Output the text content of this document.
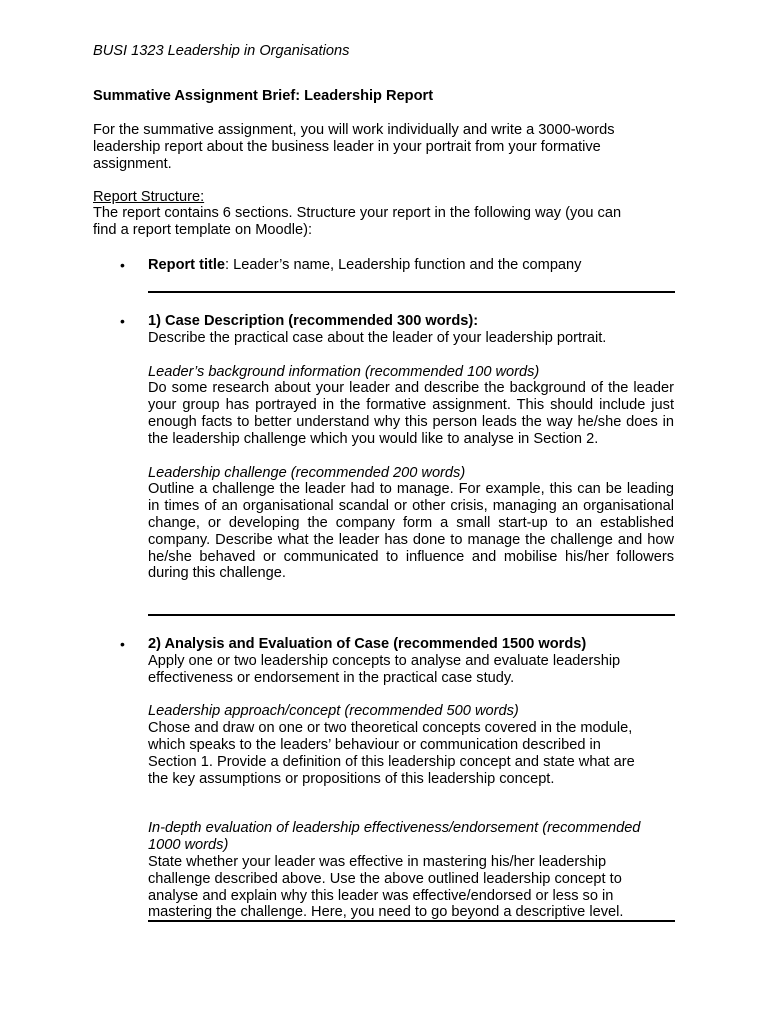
BUSI 1323 Leadership in Organisations
Summative Assignment Brief: Leadership Report
For the summative assignment, you will work individually and write a 3000-words
leadership report about the business leader in your portrait from your formative
assignment.
Report Structure:
The report contains 6 sections. Structure your report in the following way (you can
find a report template on Moodle):
• Report title: Leader’s name, Leadership function and the company
• 1) Case Description (recommended 300 words):

Describe the practical case about the leader of your leadership portrait.

Leader’s background information (recommended 100 words)

Do some research about your leader and describe the background of the leader your group has portrayed in the formative assignment. This should include just enough facts to better understand why this person leads the way he/she does in the leadership challenge which you would like to analyse in Section 2.

Leadership challenge (recommended 200 words)

Outline a challenge the leader had to manage. For example, this can be leading in times of an organisational scandal or other crisis, managing an organisational change, or developing the company form a small start-up to an established company. Describe what the leader has done to manage the challenge and how he/she behaved or communicated to influence and mobilise his/her followers during this challenge.

• 2) Analysis and Evaluation of Case (recommended 1500 words)

Apply one or two leadership concepts to analyse and evaluate leadership

effectiveness or endorsement in the practical case study.

Leadership approach/concept (recommended 500 words)

Chose and draw on one or two theoretical concepts covered in the module,

which speaks to the leaders’ behaviour or communication described in

Section 1. Provide a definition of this leadership concept and state what are

the key assumptions or propositions of this leadership concept.

In-depth evaluation of leadership effectiveness/endorsement (recommended

1000 words)

State whether your leader was effective in mastering his/her leadership

challenge described above. Use the above outlined leadership concept to

analyse and explain why this leader was effective/endorsed or less so in

mastering the challenge. Here, you need to go beyond a descriptive level.
